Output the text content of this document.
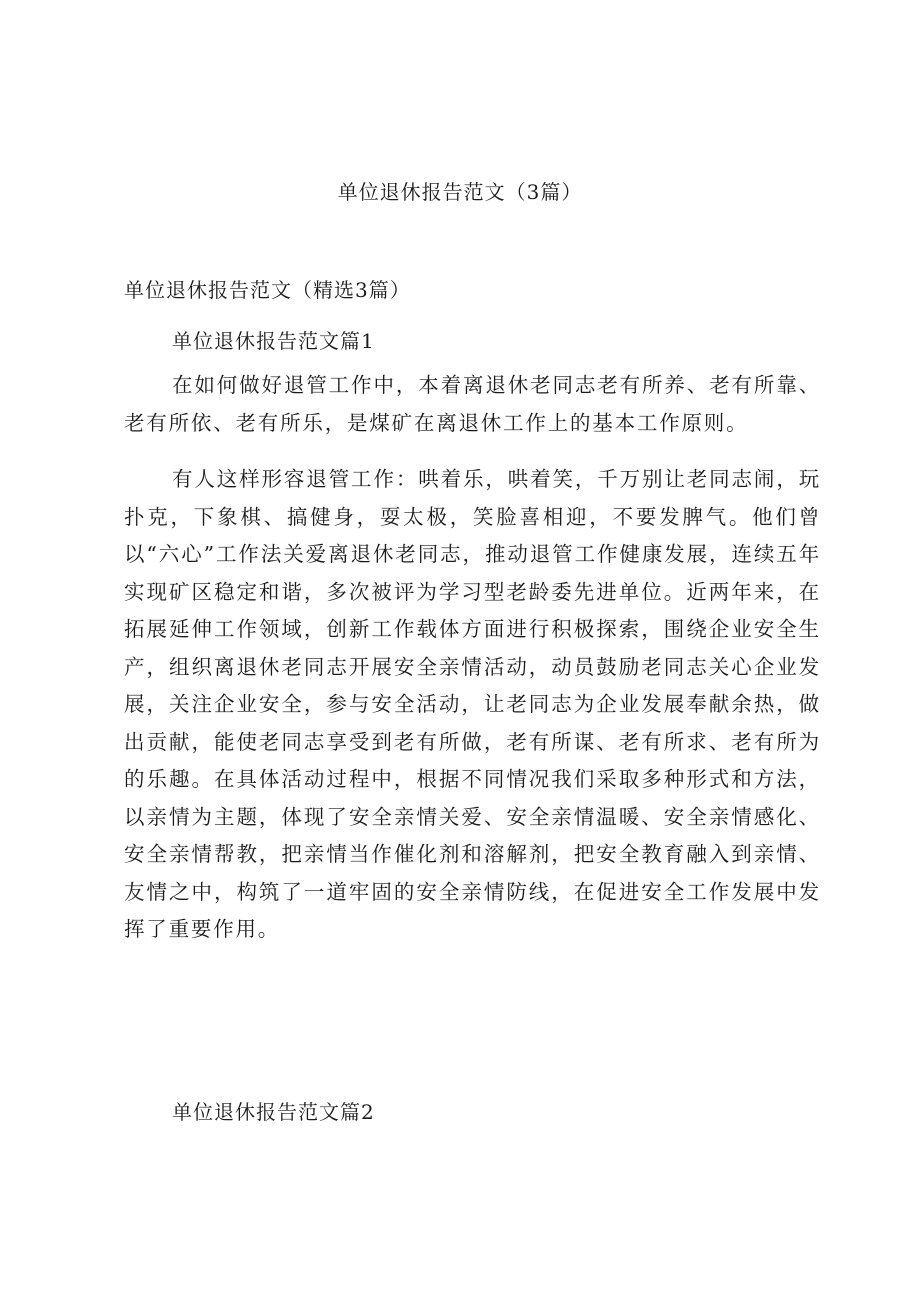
单位退休报告范文（3篇）
单位退休报告范文（精选3篇）
单位退休报告范文篇1

在如何做好退管工作中，本着离退休老同志老有所养、老有所靠、老有所依、老有所乐，是煤矿在离退休工作上的基本工作原则。

有人这样形容退管工作：哄着乐，哄着笑，千万别让老同志闹，玩扑克，下象棋、搞健身，耍太极，笑脸喜相迎，不要发脾气。他们曾以“六心”工作法关爱离退休老同志，推动退管工作健康发展，连续五年实现矿区稳定和谐，多次被评为学习型老龄委先进单位。近两年来，在拓展延伸工作领域，创新工作载体方面进行积极探索，围绕企业安全生产，组织离退休老同志开展安全亲情活动，动员鼓励老同志关心企业发展，关注企业安全，参与安全活动，让老同志为企业发展奉献余热，做出贡献，能使老同志享受到老有所做，老有所谋、老有所求、老有所为的乐趣。在具体活动过程中，根据不同情况我们采取多种形式和方法，以亲情为主题，体现了安全亲情关爱、安全亲情温暖、安全亲情感化、安全亲情帮教，把亲情当作催化剂和溶解剂，把安全教育融入到亲情、友情之中，构筑了一道牢固的安全亲情防线，在促进安全工作发展中发挥了重要作用。

单位退休报告范文篇2
